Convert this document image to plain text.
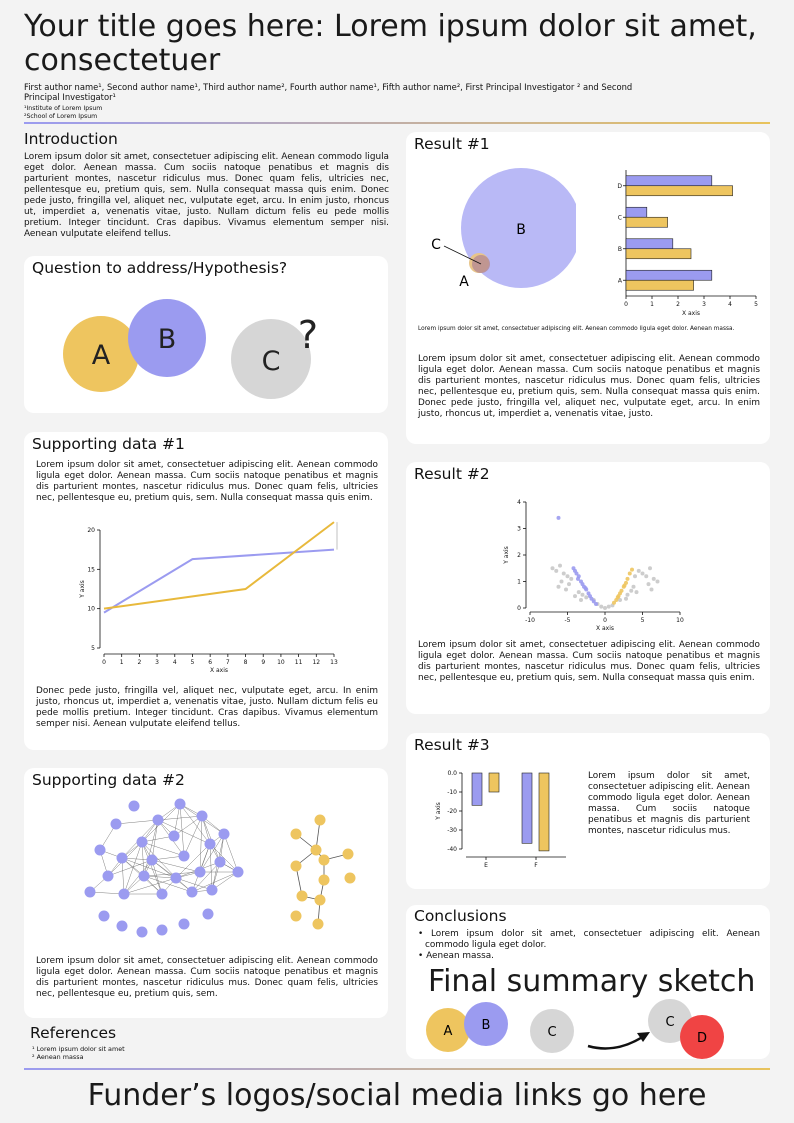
Your title goes here: Lorem ipsum dolor sit amet, consectetuer
First author name¹, Second author name¹, Third author name², Fourth author name¹, Fifth author name², First Principal Investigator ² and Second Principal Investigator¹
¹Institute of Lorem Ipsum
²School of Lorem Ipsum
Introduction
Lorem ipsum dolor sit amet, consectetuer adipiscing elit. Aenean commodo ligula eget dolor. Aenean massa. Cum sociis natoque penatibus et magnis dis parturient montes, nascetur ridiculus mus. Donec quam felis, ultricies nec, pellentesque eu, pretium quis, sem. Nulla consequat massa quis enim. Donec pede justo, fringilla vel, aliquet nec, vulputate eget, arcu. In enim justo, rhoncus ut, imperdiet a, venenatis vitae, justo. Nullam dictum felis eu pede mollis pretium. Integer tincidunt. Cras dapibus. Vivamus elementum semper nisi. Aenean vulputate eleifend tellus.
Question to address/Hypothesis?
A
B
C
?
Supporting data #1
Lorem ipsum dolor sit amet, consectetuer adipiscing elit. Aenean commodo ligula eget dolor. Aenean massa. Cum sociis natoque penatibus et magnis dis parturient montes, nascetur ridiculus mus. Donec quam felis, ultricies nec, pellentesque eu, pretium quis, sem. Nulla consequat massa quis enim.
5
10
15
20
0 1 2 3 4 5 6 7 8 9 10 11 12 13
X axis
Y axis
Donec pede justo, fringilla vel, aliquet nec, vulputate eget, arcu. In enim justo, rhoncus ut, imperdiet a, venenatis vitae, justo. Nullam dictum felis eu pede mollis pretium. Integer tincidunt. Cras dapibus. Vivamus elementum semper nisi. Aenean vulputate eleifend tellus.
Supporting data #2
Lorem ipsum dolor sit amet, consectetuer adipiscing elit. Aenean commodo ligula eget dolor. Aenean massa. Cum sociis natoque penatibus et magnis dis parturient montes, nascetur ridiculus mus. Donec quam felis, ultricies nec, pellentesque eu, pretium quis, sem.
References
¹ Lorem ipsum dolor sit amet
² Aenean massa
Result #1
B
C
A
0	1	2	3	4	5
X axis
A
B
C
D
Lorem ipsum dolor sit amet, consectetuer adipiscing elit. Aenean commodo ligula eget dolor. Aenean massa.
Lorem ipsum dolor sit amet, consectetuer adipiscing elit. Aenean commodo ligula eget dolor. Aenean massa. Cum sociis natoque penatibus et magnis dis parturient montes, nascetur ridiculus mus. Donec quam felis, ultricies nec, pellentesque eu, pretium quis, sem. Nulla consequat massa quis enim. Donec pede justo, fringilla vel, aliquet nec, vulputate eget, arcu. In enim justo, rhoncus ut, imperdiet a, venenatis vitae, justo.
Result #2
0
1
2
3
4
-10	-5	0	5	10
X axis
Y axis
Lorem ipsum dolor sit amet, consectetuer adipiscing elit. Aenean commodo ligula eget dolor. Aenean massa. Cum sociis natoque penatibus et magnis dis parturient montes, nascetur ridiculus mus. Donec quam felis, ultricies nec, pellentesque eu, pretium quis, sem. Nulla consequat massa quis enim.
Result #3
0.0
-10
-20
-30
-40
Y axis
E	F
Lorem ipsum dolor sit amet, consectetuer adipiscing elit. Aenean commodo ligula eget dolor. Aenean massa. Cum sociis natoque penatibus et magnis dis parturient montes, nascetur ridiculus mus.
Conclusions
• Lorem ipsum dolor sit amet, consectetuer adipiscing elit. Aenean commodo ligula eget dolor.
• Aenean massa.
Final summary sketch
A B	C
C
D
Funder’s logos/social media links go here
